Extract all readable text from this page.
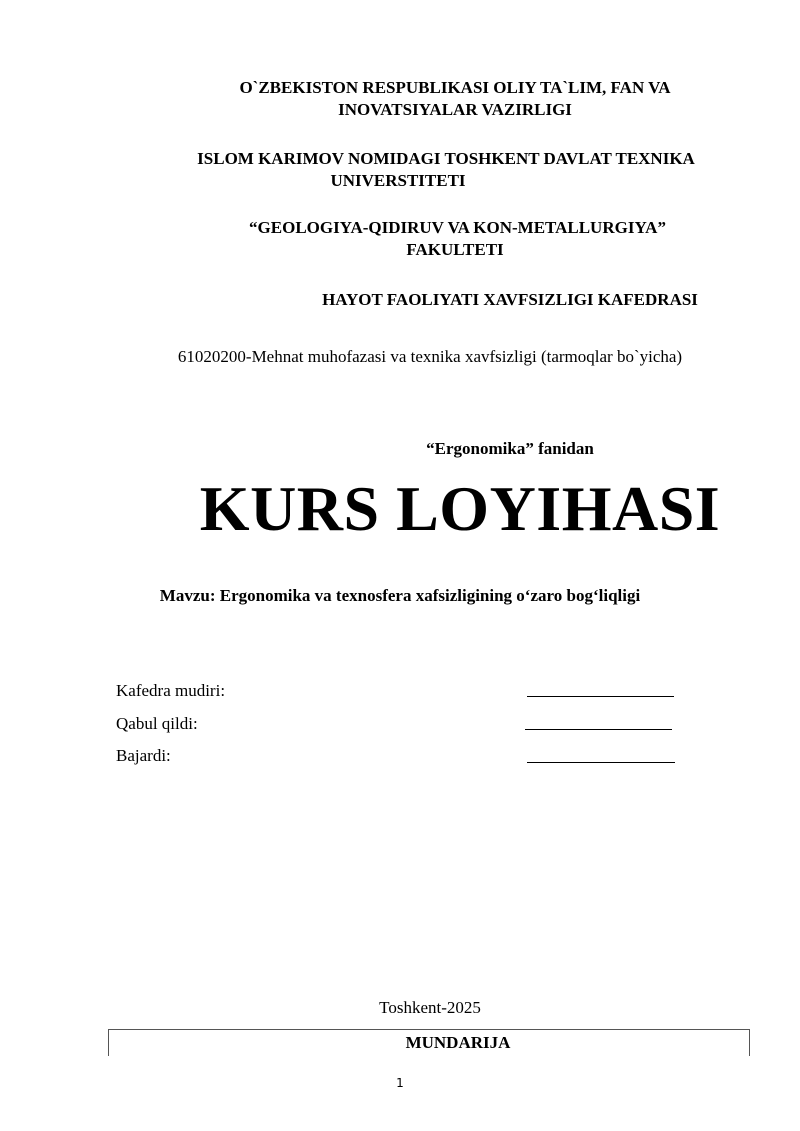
O`ZBEKISTON RESPUBLIKASI OLIY TA`LIM, FAN VA
INOVATSIYALAR VAZIRLIGI
ISLOM KARIMOV NOMIDAGI TOSHKENT DAVLAT TEXNIKA
UNIVERSTITETI
“GEOLOGIYA-QIDIRUV VA KON-METALLURGIYA”
FAKULTETI
HAYOT FAOLIYATI XAVFSIZLIGI KAFEDRASI
61020200-Mehnat muhofazasi va texnika xavfsizligi (tarmoqlar bo`yicha)
“Ergonomika” fanidan
KURS LOYIHASI
Mavzu: Ergonomika va texnosfera xafsizligining o‘zaro bog‘liqligi
Kafedra mudiri:
Qabul qildi:
Bajardi:
Toshkent-2025
MUNDARIJA
1
